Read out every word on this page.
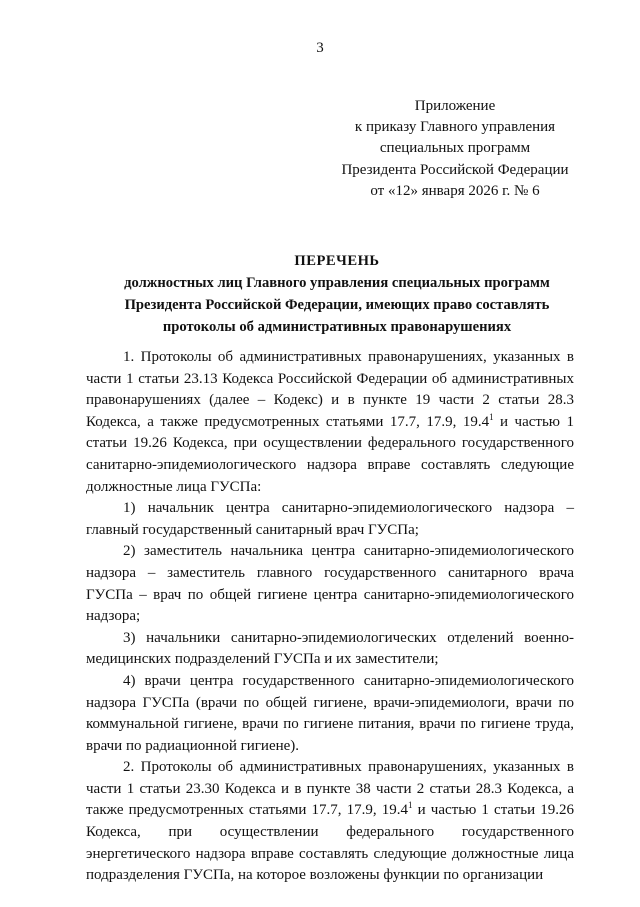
3
Приложение
к приказу Главного управления
специальных программ
Президента Российской Федерации
от «12» января 2026 г. № 6
ПЕРЕЧЕНЬ
должностных лиц Главного управления специальных программ
Президента Российской Федерации, имеющих право составлять
протоколы об административных правонарушениях

1. Протоколы об административных правонарушениях, указанных в части 1 статьи 23.13 Кодекса Российской Федерации об административных правонарушениях (далее – Кодекс) и в пункте 19 части 2 статьи 28.3 Кодекса, а также предусмотренных статьями 17.7, 17.9, 19.4$^1$ и частью 1 статьи 19.26 Кодекса, при осуществлении федерального государственного санитарно-эпидемиологического надзора вправе составлять следующие должностные лица ГУСПа:

1) начальник центра санитарно-эпидемиологического надзора – главный государственный санитарный врач ГУСПа;

2) заместитель начальника центра санитарно-эпидемиологического надзора – заместитель главного государственного санитарного врача ГУСПа – врач по общей гигиене центра санитарно-эпидемиологического надзора;

3) начальники санитарно-эпидемиологических отделений военно-медицинских подразделений ГУСПа и их заместители;

4) врачи центра государственного санитарно-эпидемиологического надзора ГУСПа (врачи по общей гигиене, врачи-эпидемиологи, врачи по коммунальной гигиене, врачи по гигиене питания, врачи по гигиене труда, врачи по радиационной гигиене).

2. Протоколы об административных правонарушениях, указанных в части 1 статьи 23.30 Кодекса и в пункте 38 части 2 статьи 28.3 Кодекса, а также предусмотренных статьями 17.7, 17.9, 19.4$^1$ и частью 1 статьи 19.26 Кодекса, при осуществлении федерального государственного энергетического надзора вправе составлять следующие должностные лица подразделения ГУСПа, на которое возложены функции по организации
